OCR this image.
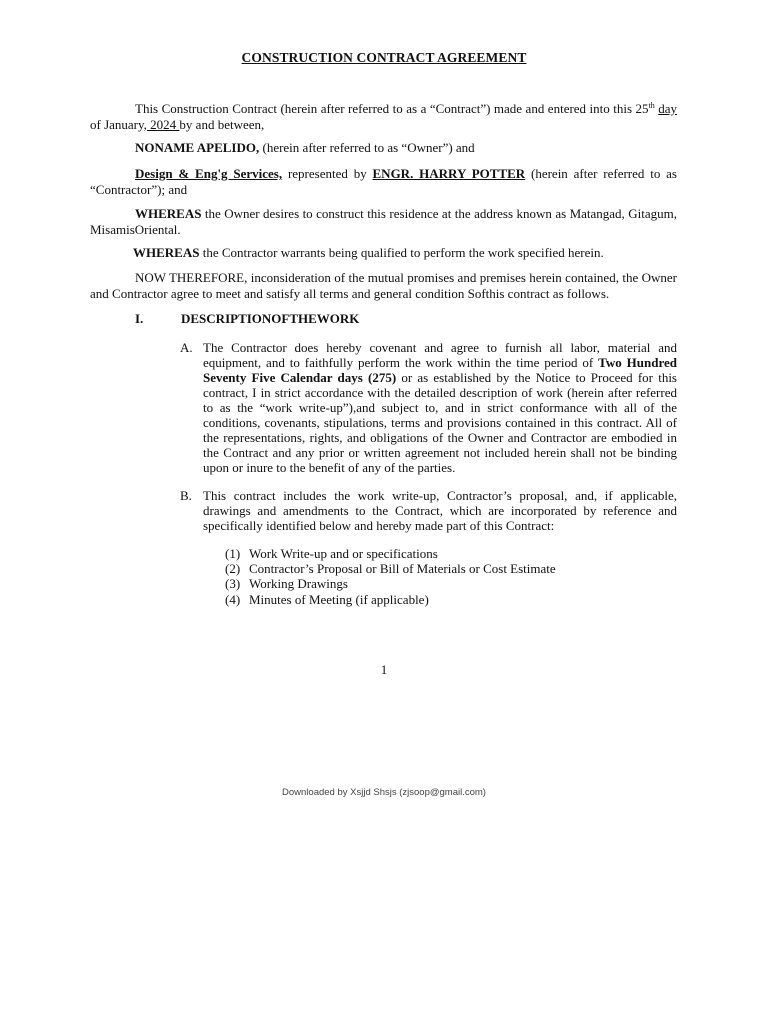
CONSTRUCTION CONTRACT AGREEMENT

This Construction Contract (herein after referred to as a “Contract”) made and entered into this 25th day of January, 2024 by and between,

NONAME APELIDO, (herein after referred to as “Owner”) and

Design & Eng'g Services, represented by ENGR. HARRY POTTER (herein after referred to as “Contractor”); and

WHEREAS the Owner desires to construct this residence at the address known as Matangad, Gitagum, MisamisOriental.

WHEREAS the Contractor warrants being qualified to perform the work specified herein.

NOW THEREFORE, inconsideration of the mutual promises and premises herein contained, the Owner and Contractor agree to meet and satisfy all terms and general condition Softhis contract as follows.

I.	DESCRIPTIONOFTHEWORK
A. The Contractor does hereby covenant and agree to furnish all labor, material and equipment, and to faithfully perform the work within the time period of Two Hundred Seventy Five Calendar days (275) or as established by the Notice to Proceed for this contract, I in strict accordance with the detailed description of work (herein after referred to as the “work write-up”),and subject to, and in strict conformance with all of the conditions, covenants, stipulations, terms and provisions contained in this contract. All of the representations, rights, and obligations of the Owner and Contractor are embodied in the Contract and any prior or written agreement not included herein shall not be binding upon or inure to the benefit of any of the parties.
B. This contract includes the work write-up, Contractor’s proposal, and, if applicable, drawings and amendments to the Contract, which are incorporated by reference and specifically identified below and hereby made part of this Contract:
(1) Work Write-up and or specifications
(2) Contractor’s Proposal or Bill of Materials or Cost Estimate
(3) Working Drawings
(4) Minutes of Meeting (if applicable)
1
Downloaded by Xsjjd Shsjs (zjsoop@gmail.com)
